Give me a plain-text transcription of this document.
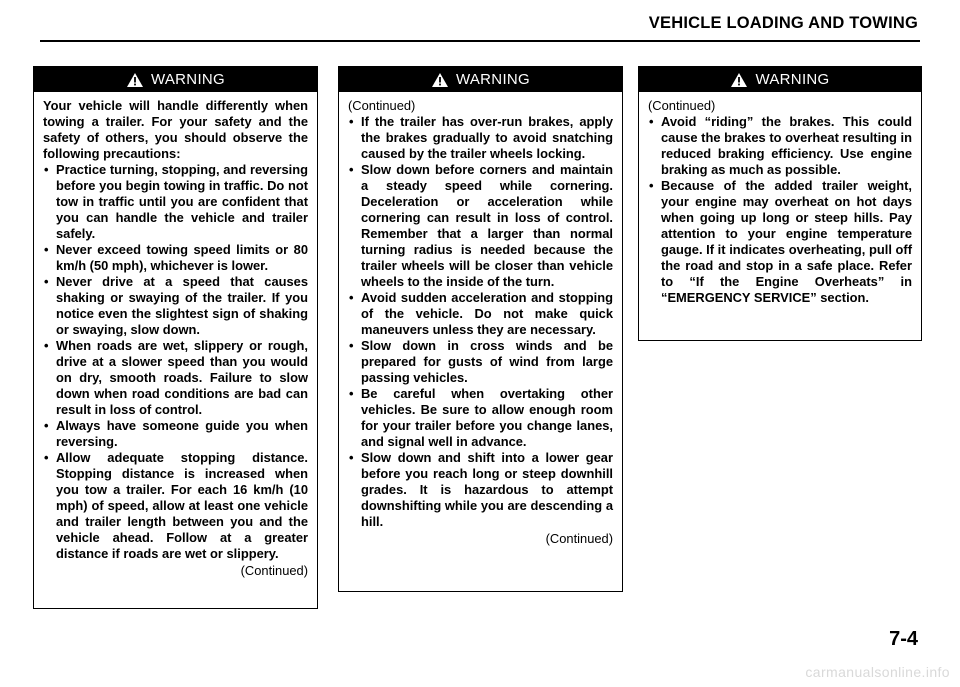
VEHICLE LOADING AND TOWING
WARNING
Your vehicle will handle differently when towing a trailer. For your safety and the safety of others, you should observe the following precautions:
• Practice turning, stopping, and reversing before you begin towing in traffic. Do not tow in traffic until you are confident that you can handle the vehicle and trailer safely.
• Never exceed towing speed limits or 80 km/h (50 mph), whichever is lower.
• Never drive at a speed that causes shaking or swaying of the trailer. If you notice even the slightest sign of shaking or swaying, slow down.
• When roads are wet, slippery or rough, drive at a slower speed than you would on dry, smooth roads. Failure to slow down when road conditions are bad can result in loss of control.
• Always have someone guide you when reversing.
• Allow adequate stopping distance. Stopping distance is increased when you tow a trailer. For each 16 km/h (10 mph) of speed, allow at least one vehicle and trailer length between you and the vehicle ahead. Follow at a greater distance if roads are wet or slippery.
(Continued)
WARNING
(Continued)
• If the trailer has over-run brakes, apply the brakes gradually to avoid snatching caused by the trailer wheels locking.
• Slow down before corners and maintain a steady speed while cornering. Deceleration or acceleration while cornering can result in loss of control. Remember that a larger than normal turning radius is needed because the trailer wheels will be closer than vehicle wheels to the inside of the turn.
• Avoid sudden acceleration and stopping of the vehicle. Do not make quick maneuvers unless they are necessary.
• Slow down in cross winds and be prepared for gusts of wind from large passing vehicles.
• Be careful when overtaking other vehicles. Be sure to allow enough room for your trailer before you change lanes, and signal well in advance.
• Slow down and shift into a lower gear before you reach long or steep downhill grades. It is hazardous to attempt downshifting while you are descending a hill.
(Continued)
WARNING
(Continued)
• Avoid “riding” the brakes. This could cause the brakes to overheat resulting in reduced braking efficiency. Use engine braking as much as possible.
• Because of the added trailer weight, your engine may overheat on hot days when going up long or steep hills. Pay attention to your engine temperature gauge. If it indicates overheating, pull off the road and stop in a safe place. Refer to “If the Engine Overheats” in “EMERGENCY SERVICE” section.
7-4
carmanualsonline.info
